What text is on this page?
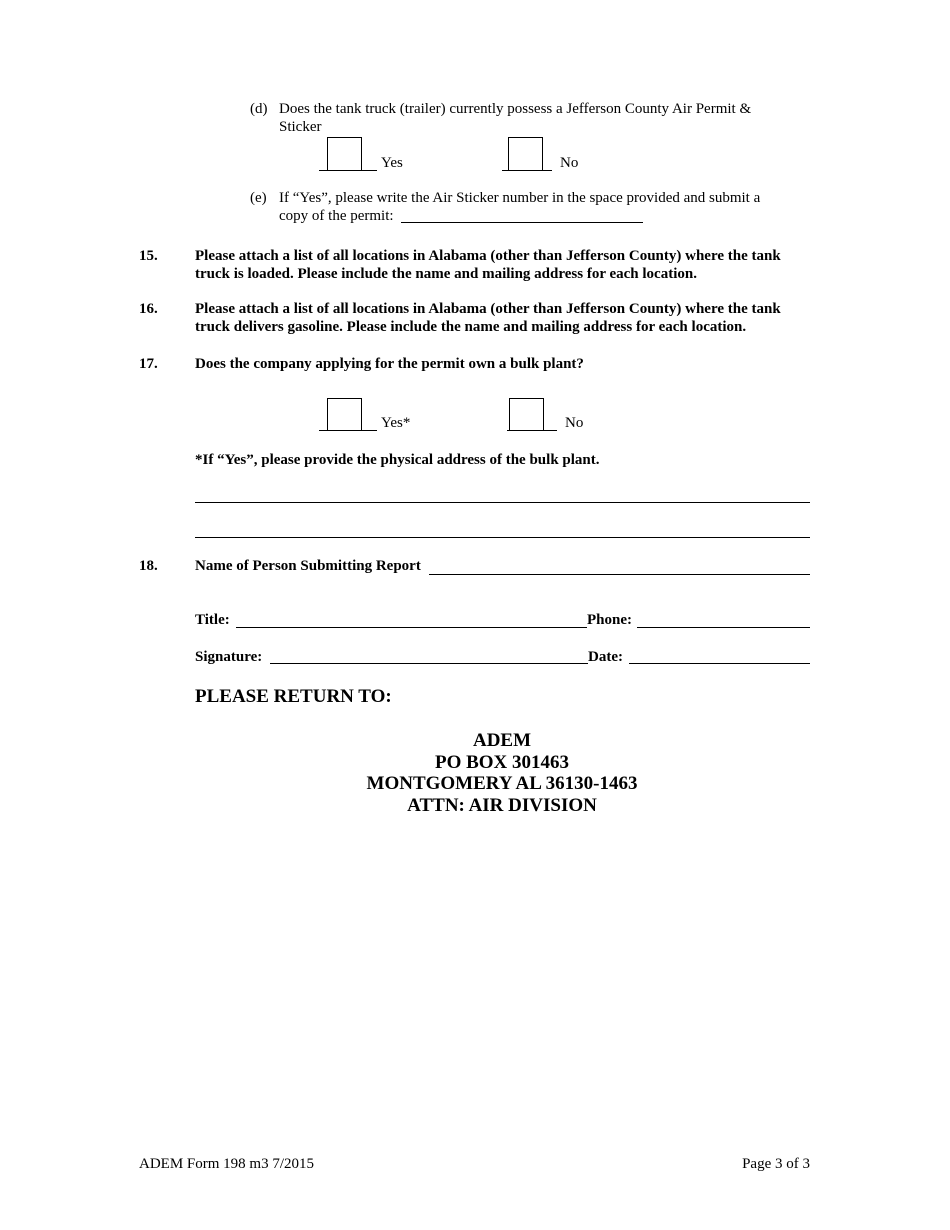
(d) Does the tank truck (trailer) currently possess a Jefferson County Air Permit &
Sticker
Yes	No
(e) If “Yes”, please write the Air Sticker number in the space provided and submit a
copy of the permit:
15. Please attach a list of all locations in Alabama (other than Jefferson County) where the tank
truck is loaded. Please include the name and mailing address for each location.
16. Please attach a list of all locations in Alabama (other than Jefferson County) where the tank
truck delivers gasoline. Please include the name and mailing address for each location.
17. Does the company applying for the permit own a bulk plant?
Yes*	No
*If “Yes”, please provide the physical address of the bulk plant.
18. Name of Person Submitting Report
Title:	Phone:
Signature:	Date:
PLEASE RETURN TO:
ADEM
PO BOX 301463
MONTGOMERY AL 36130-1463
ATTN: AIR DIVISION
ADEM Form 198 m3 7/2015	Page 3 of 3
